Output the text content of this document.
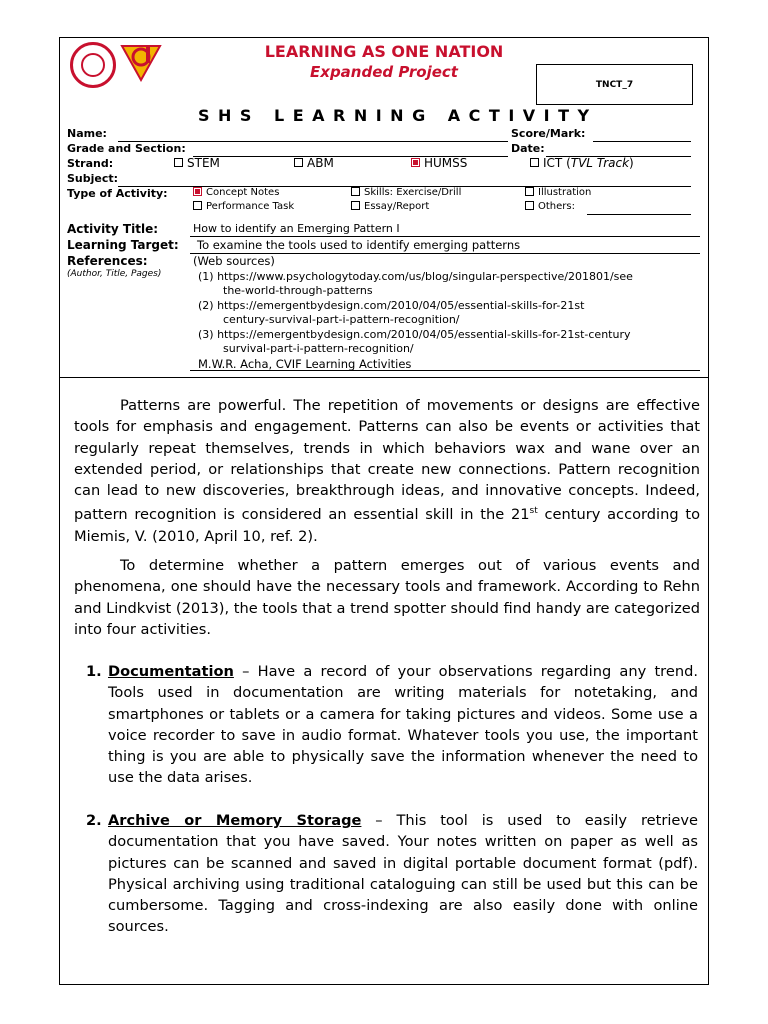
LEARNING AS ONE NATION
Expanded Project
TNCT_7
SHS LEARNING ACTIVITY
Name:	Score/Mark:
Grade and Section:	Date:
Strand:	STEM	ABM	HUMSS	ICT (TVL Track)
Subject:
Type of Activity:	Concept Notes	Skills: Exercise/Drill	Illustration
Performance Task	Essay/Report	Others:
Activity Title:	How to identify an Emerging Pattern I
Learning Target: To examine the tools used to identify emerging patterns
References:
(Author, Title, Pages)
(Web sources)
(1) https://www.psychologytoday.com/us/blog/singular-perspective/201801/see
the-world-through-patterns
(2) https://emergentbydesign.com/2010/04/05/essential-skills-for-21st
century-survival-part-i-pattern-recognition/
(3) https://emergentbydesign.com/2010/04/05/essential-skills-for-21st-century
survival-part-i-pattern-recognition/
M.W.R. Acha, CVIF Learning Activities

Patterns are powerful. The repetition of movements or designs are effective tools for emphasis and engagement. Patterns can also be events or activities that regularly repeat themselves, trends in which behaviors wax and wane over an extended period, or relationships that create new connections. Pattern recognition can lead to new discoveries, breakthrough ideas, and innovative concepts. Indeed, pattern recognition is considered an essential skill in the 21st century according to Miemis, V. (2010, April 10, ref. 2).

To determine whether a pattern emerges out of various events and phenomena, one should have the necessary tools and framework. According to Rehn and Lindkvist (2013), the tools that a trend spotter should find handy are categorized into four activities.

1. Documentation – Have a record of your observations regarding any trend. Tools used in documentation are writing materials for notetaking, and smartphones or tablets or a camera for taking pictures and videos. Some use a voice recorder to save in audio format. Whatever tools you use, the important thing is you are able to physically save the information whenever the need to use the data arises.
2. Archive or Memory Storage – This tool is used to easily retrieve documentation that you have saved. Your notes written on paper as well as pictures can be scanned and saved in digital portable document format (pdf). Physical archiving using traditional cataloguing can still be used but this can be cumbersome. Tagging and cross-indexing are also easily done with online sources.
